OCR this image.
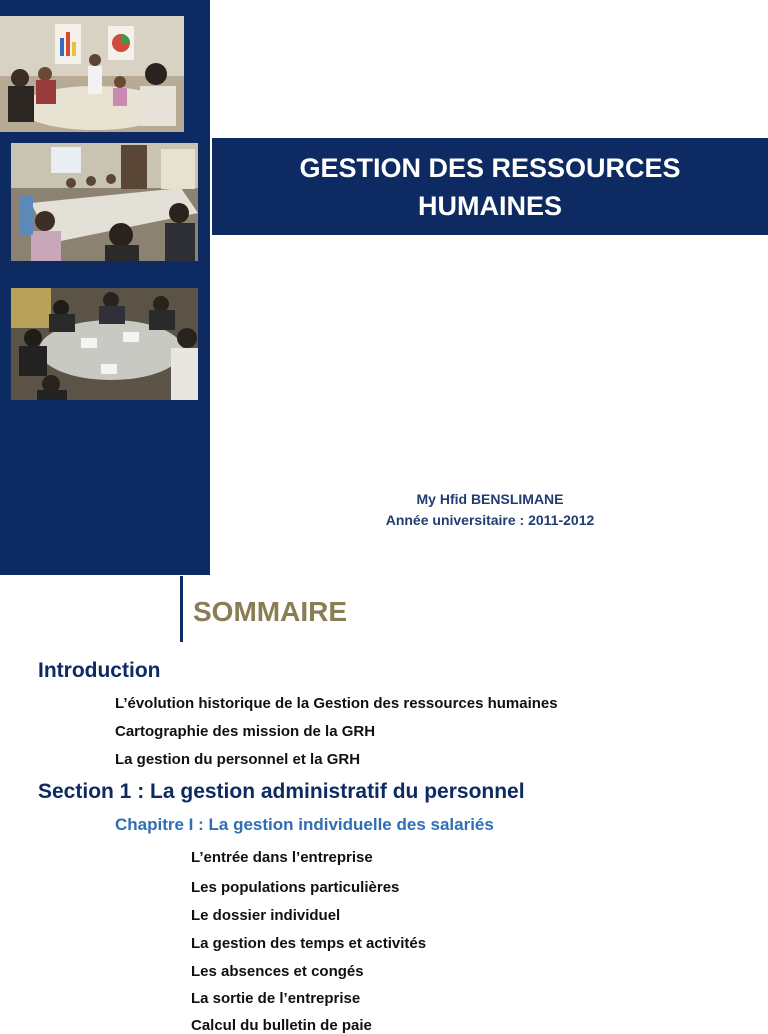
GESTION DES RESSOURCES HUMAINES
My Hfid BENSLIMANE
Année universitaire : 2011-2012
SOMMAIRE
Introduction
L’évolution historique de la Gestion des ressources humaines
Cartographie des mission de la GRH
La gestion du personnel et la GRH
Section 1 : La gestion administratif du personnel
Chapitre I : La gestion individuelle des salariés
L’entrée dans l’entreprise
Les populations particulières
Le dossier individuel
La gestion des temps et activités
Les absences et congés
La sortie de l’entreprise
Calcul du bulletin de paie
